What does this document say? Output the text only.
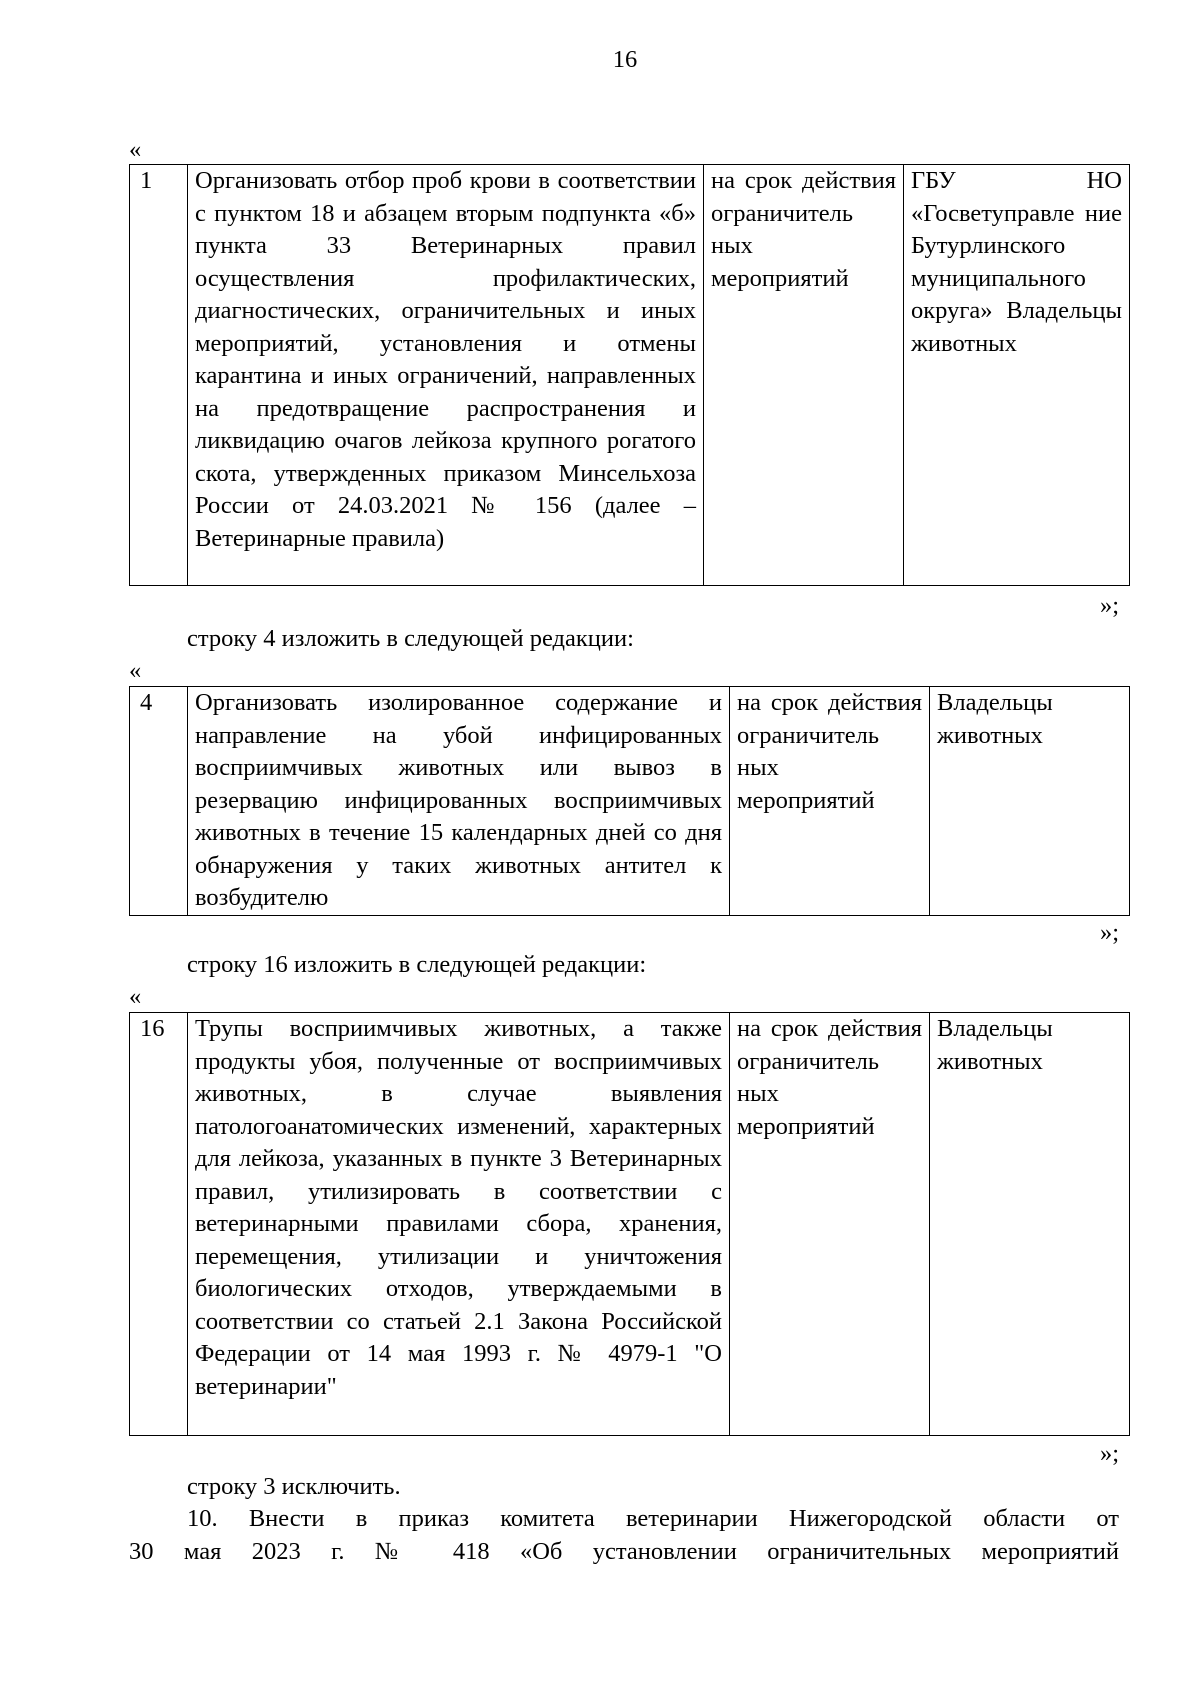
16
«
1	Организовать отбор проб крови в соответствии с пунктом 18 и абзацем вторым подпункта «б» пункта 33 Ветеринарных правил осуществления профилактических, диагностических, ограничительных и иных мероприятий, установления и отмены карантина и иных ограничений, направленных на предотвращение распространения и ликвидацию очагов лейкоза крупного рогатого скота, утвержденных приказом Минсельхоза России от 24.03.2021 № 156 (далее – Ветеринарные правила)	на срок действия ограничитель ных мероприятий	ГБУ НО «Госветуправле ние Бутурлинского муниципального округа» Владельцы животных
»;
строку 4 изложить в следующей редакции:
«
4	Организовать изолированное содержание и направление на убой инфицированных восприимчивых животных или вывоз в резервацию инфицированных восприимчивых животных в течение 15 календарных дней со дня обнаружения у таких животных антител к возбудителю	на срок действия ограничитель ных мероприятий	Владельцы животных
»;
строку 16 изложить в следующей редакции:
«
16	Трупы восприимчивых животных, а также продукты убоя, полученные от восприимчивых животных, в случае выявления патологоанатомических изменений, характерных для лейкоза, указанных в пункте 3 Ветеринарных правил, утилизировать в соответствии с ветеринарными правилами сбора, хранения, перемещения, утилизации и уничтожения биологических отходов, утверждаемыми в соответствии со статьей 2.1 Закона Российской Федерации от 14 мая 1993 г. № 4979-1 "О ветеринарии"	на срок действия ограничитель ных мероприятий	Владельцы животных
»;
строку 3 исключить.
10. Внести в приказ комитета ветеринарии Нижегородской области от
30 мая 2023 г. № 418 «Об установлении ограничительных мероприятий
